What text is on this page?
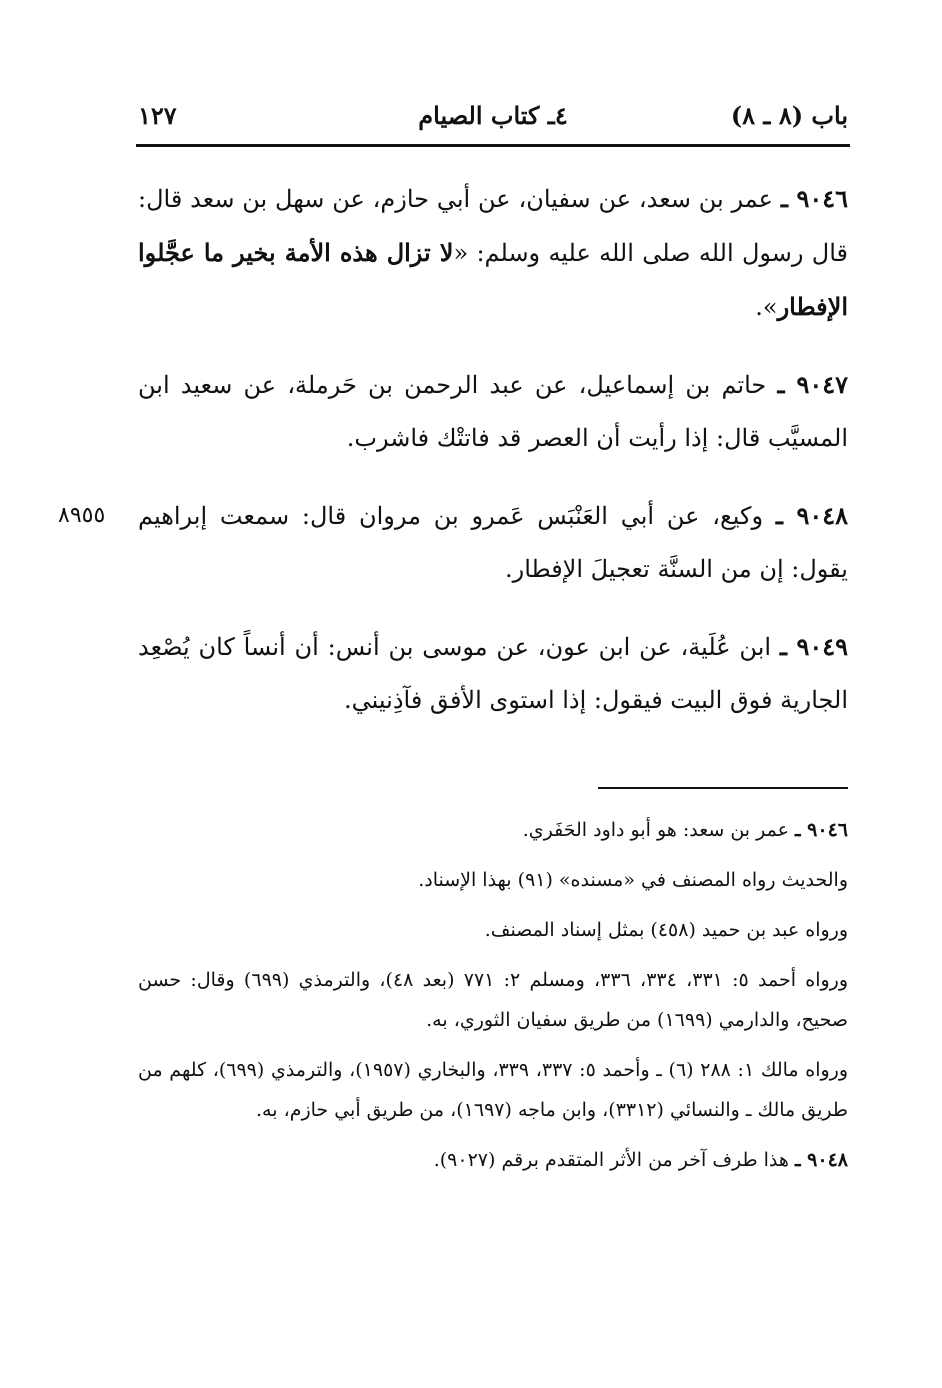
باب (٨ ـ ٨)
٤ـ كتاب الصيام
١٢٧
٩٠٤٦ ـ عمر بن سعد، عن سفيان، عن أبي حازم، عن سهل بن سعد قال: قال رسول الله صلى الله عليه وسلم: «لا تزال هذه الأمة بخير ما عجَّلوا الإفطار».
٩٠٤٧ ـ حاتم بن إسماعيل، عن عبد الرحمن بن حَرملة، عن سعيد ابن المسيَّب قال: إذا رأيت أن العصر قد فاتتْك فاشرب.
٨٩٥٥	٩٠٤٨ ـ وكيع، عن أبي العَنْبَس عَمرو بن مروان قال: سمعت إبراهيم يقول: إن من السنَّة تعجيلَ الإفطار.
٩٠٤٩ ـ ابن عُلَية، عن ابن عون، عن موسى بن أنس: أن أنساً كان يُصْعِد الجارية فوق البيت فيقول: إذا استوى الأفق فآذِنيني.
٩٠٤٦ ـ عمر بن سعد: هو أبو داود الحَفَري.
والحديث رواه المصنف في «مسنده» (٩١) بهذا الإسناد.
ورواه عبد بن حميد (٤٥٨) بمثل إسناد المصنف.
ورواه أحمد ٥: ٣٣١، ٣٣٤، ٣٣٦، ومسلم ٢: ٧٧١ (بعد ٤٨)، والترمذي (٦٩٩) وقال: حسن صحيح، والدارمي (١٦٩٩) من طريق سفيان الثوري، به.
ورواه مالك ١: ٢٨٨ (٦) ـ وأحمد ٥: ٣٣٧، ٣٣٩، والبخاري (١٩٥٧)، والترمذي (٦٩٩)، كلهم من طريق مالك ـ والنسائي (٣٣١٢)، وابن ماجه (١٦٩٧)، من طريق أبي حازم، به.
٩٠٤٨ ـ هذا طرف آخر من الأثر المتقدم برقم (٩٠٢٧).
